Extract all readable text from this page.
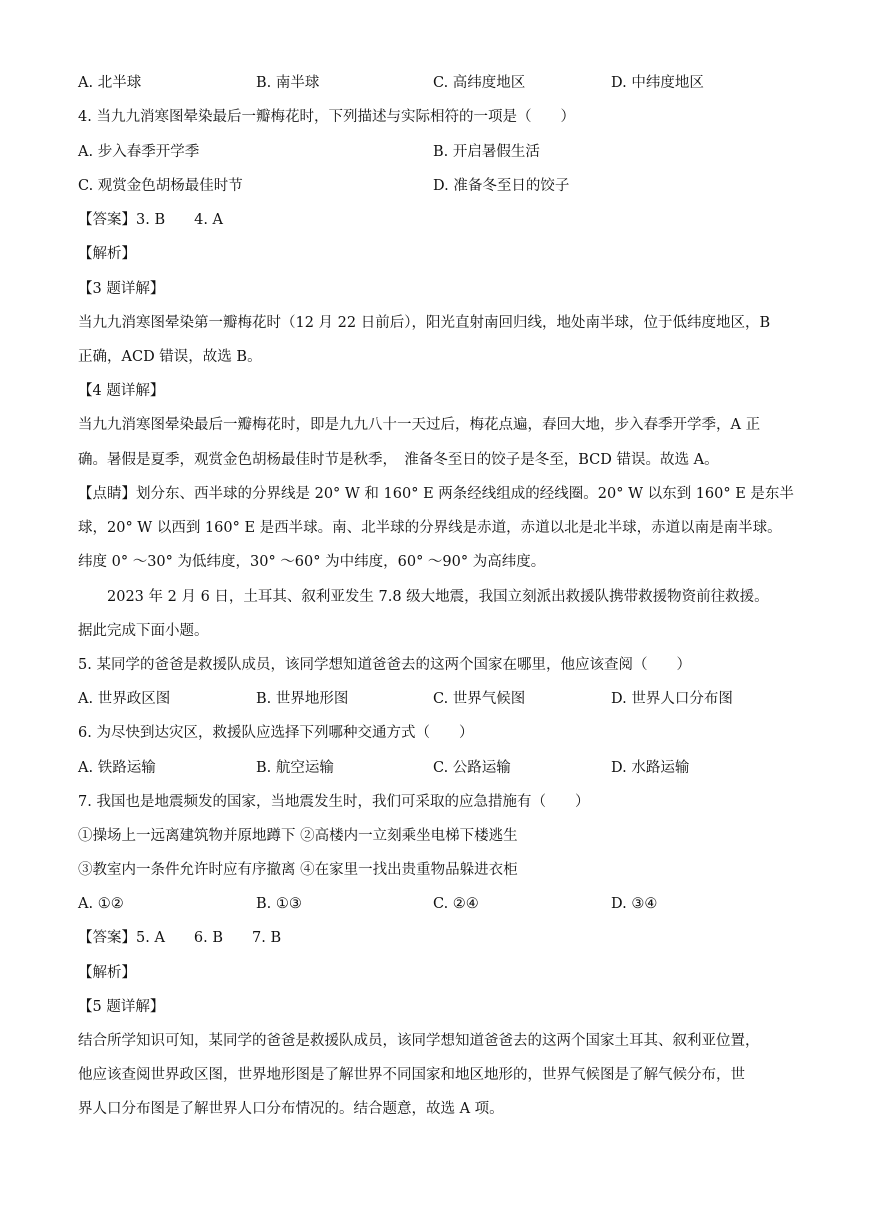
A. 北半球	B. 南半球	C. 高纬度地区	D. 中纬度地区
4. 当九九消寒图晕染最后一瓣梅花时，下列描述与实际相符的一项是（　　）
A. 步入春季开学季	B. 开启暑假生活
C. 观赏金色胡杨最佳时节	D. 准备冬至日的饺子
【答案】3. B　　4. A
【解析】
【3 题详解】
当九九消寒图晕染第一瓣梅花时（12 月 22 日前后），阳光直射南回归线，地处南半球，位于低纬度地区，B
正确，ACD 错误，故选 B。
【4 题详解】
当九九消寒图晕染最后一瓣梅花时，即是九九八十一天过后，梅花点遍，春回大地，步入春季开学季，A 正
确。暑假是夏季，观赏金色胡杨最佳时节是秋季，　淮备冬至日的饺子是冬至，BCD 错误。故选 A。
【点睛】划分东、西半球的分界线是 20° W 和 160° E 两条经线组成的经线圈。20° W 以东到 160° E 是东半
球，20° W 以西到 160° E 是西半球。南、北半球的分界线是赤道，赤道以北是北半球，赤道以南是南半球。
纬度 0° ～30° 为低纬度，30° ～60° 为中纬度，60° ～90° 为高纬度。
2023 年 2 月 6 日，土耳其、叙利亚发生 7.8 级大地震，我国立刻派出救援队携带救援物资前往救援。
据此完成下面小题。
5. 某同学的爸爸是救援队成员，该同学想知道爸爸去的这两个国家在哪里，他应该查阅（　　）
A. 世界政区图	B. 世界地形图	C. 世界气候图	D. 世界人口分布图
6. 为尽快到达灾区，救援队应选择下列哪种交通方式（　　）
A. 铁路运输	B. 航空运输	C. 公路运输	D. 水路运输
7. 我国也是地震频发的国家，当地震发生时，我们可采取的应急措施有（　　）
①操场上一远离建筑物并原地蹲下 ②高楼内一立刻乘坐电梯下楼逃生
③教室内一条件允许时应有序撤离 ④在家里一找出贵重物品躲进衣柜
A. ①②	B. ①③	C. ②④	D. ③④
【答案】5. A　　6. B　　7. B
【解析】
【5 题详解】
结合所学知识可知，某同学的爸爸是救援队成员，该同学想知道爸爸去的这两个国家土耳其、叙利亚位置，
他应该查阅世界政区图，世界地形图是了解世界不同国家和地区地形的，世界气候图是了解气候分布，世
界人口分布图是了解世界人口分布情况的。结合题意，故选 A 项。
